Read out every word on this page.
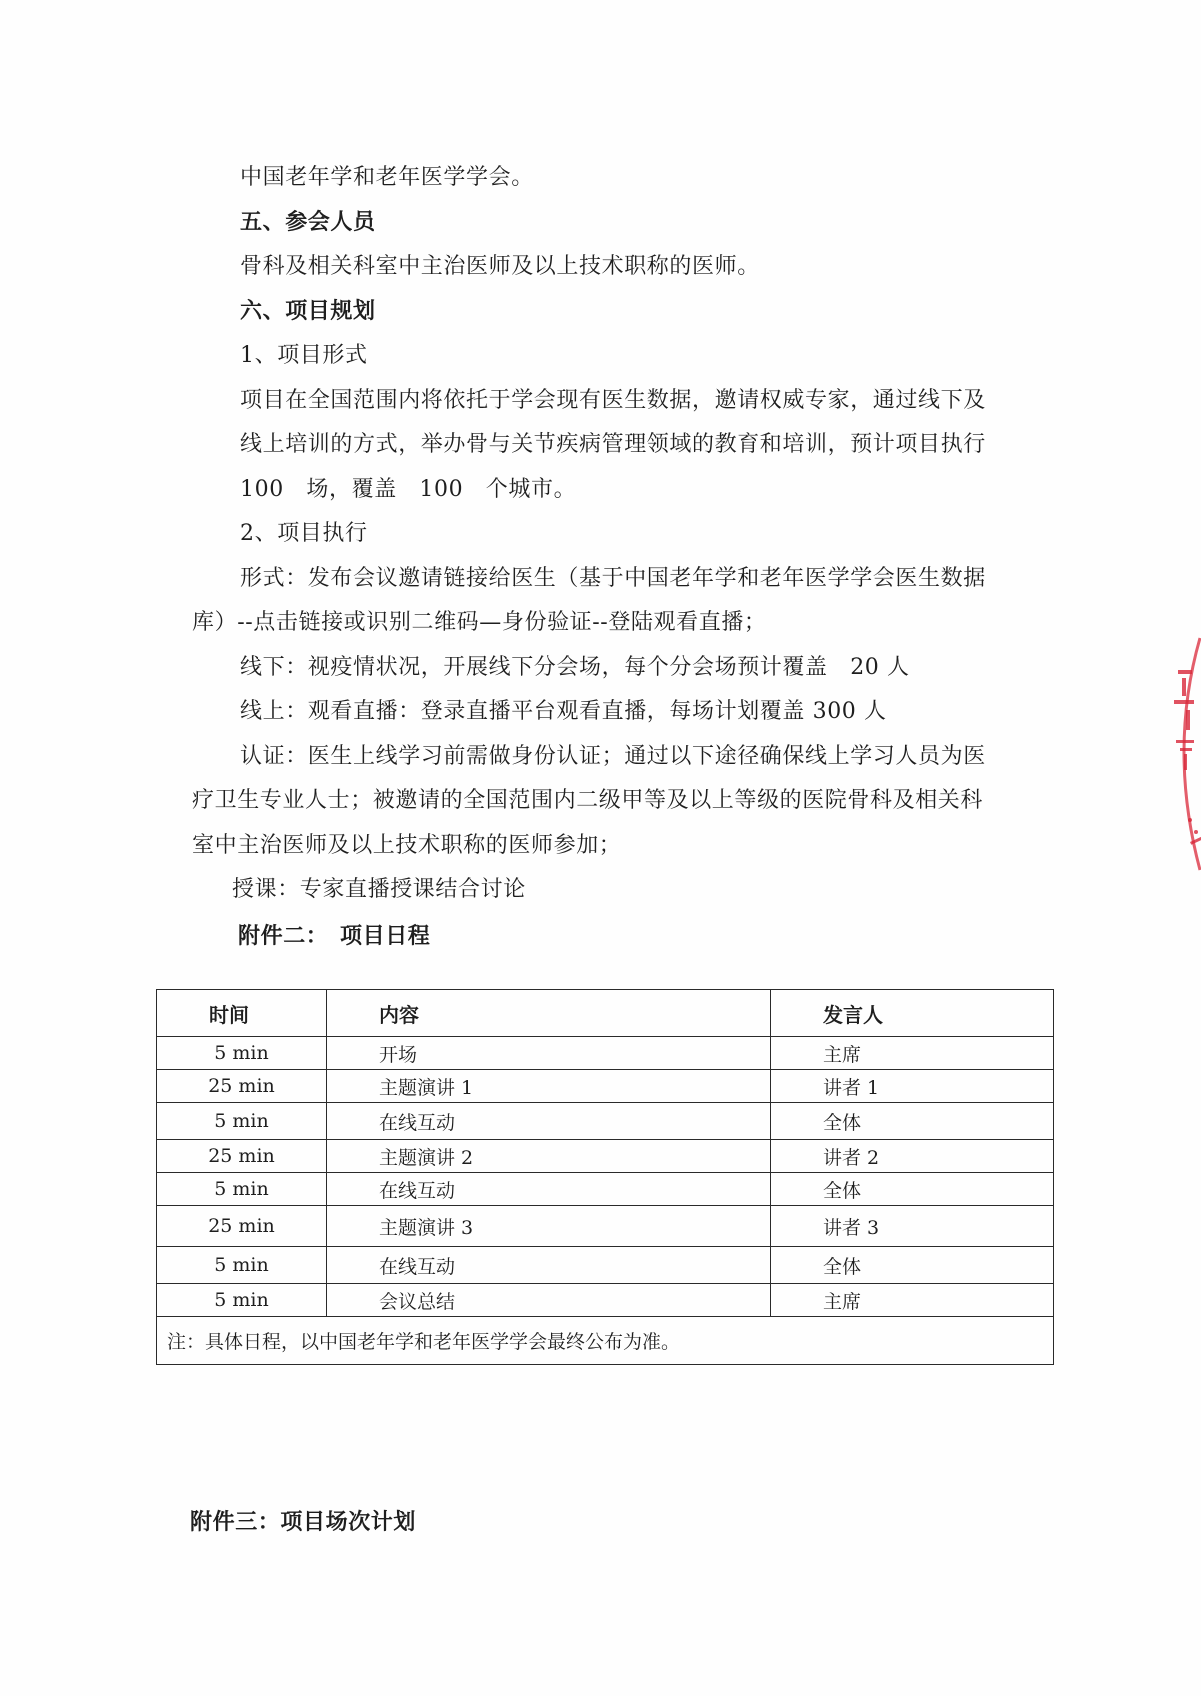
中国老年学和老年医学学会。
五、参会人员
骨科及相关科室中主治医师及以上技术职称的医师。
六、项目规划
1、项目形式
项目在全国范围内将依托于学会现有医生数据，邀请权威专家，通过线下及
线上培训的方式，举办骨与关节疾病管理领域的教育和培训，预计项目执行
100　场，覆盖　100　个城市。
2、项目执行
形式：发布会议邀请链接给医生（基于中国老年学和老年医学学会医生数据
库）--点击链接或识别二维码—身份验证--登陆观看直播；
线下：视疫情状况，开展线下分会场，每个分会场预计覆盖　20 人
线上：观看直播：登录直播平台观看直播，每场计划覆盖 300 人
认证：医生上线学习前需做身份认证；通过以下途径确保线上学习人员为医
疗卫生专业人士；被邀请的全国范围内二级甲等及以上等级的医院骨科及相关科
室中主治医师及以上技术职称的医师参加；
授课：专家直播授课结合讨论
附件二：　项目日程
时间	内容	发言人
5 min	开场	主席
25 min	主题演讲 1	讲者 1
5 min	在线互动	全体
25 min	主题演讲 2	讲者 2
5 min	在线互动	全体
25 min	主题演讲 3	讲者 3
5 min	在线互动	全体
5 min	会议总结	主席
注：具体日程，以中国老年学和老年医学学会最终公布为准。		
附件三：项目场次计划
